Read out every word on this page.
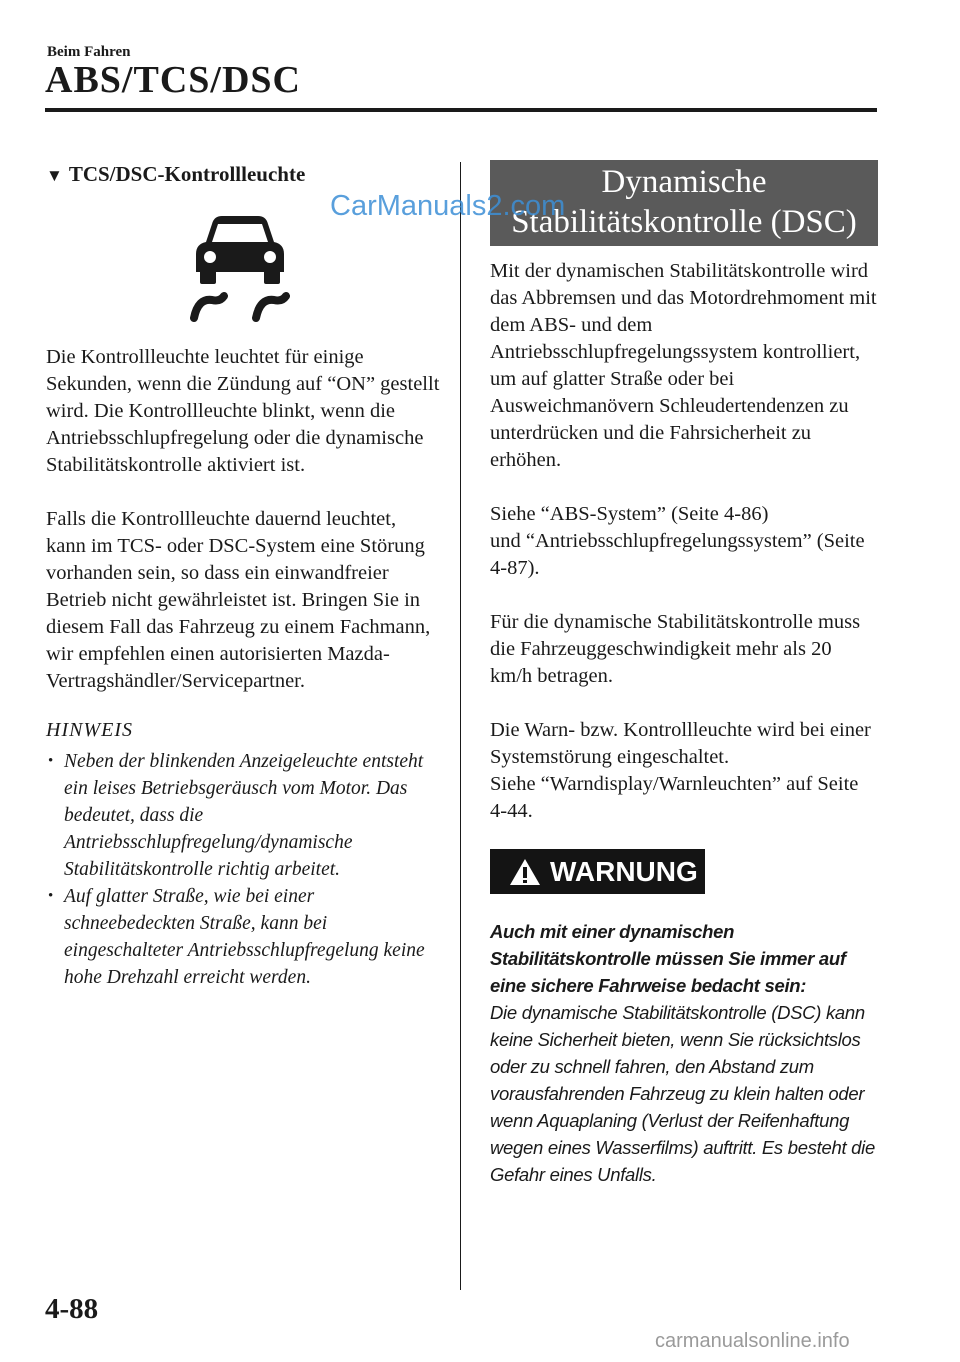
Beim Fahren
ABS/TCS/DSC
▼ TCS/DSC-Kontrollleuchte

Die Kontrollleuchte leuchtet für einige Sekunden, wenn die Zündung auf “ON” gestellt wird. Die Kontrollleuchte blinkt, wenn die Antriebsschlupfregelung oder die dynamische Stabilitätskontrolle aktiviert ist.

Falls die Kontrollleuchte dauernd leuchtet, kann im TCS- oder DSC-System eine Störung vorhanden sein, so dass ein einwandfreier Betrieb nicht gewährleistet ist. Bringen Sie in diesem Fall das Fahrzeug zu einem Fachmann, wir empfehlen einen autorisierten Mazda-Vertragshändler/Servicepartner.

HINWEIS
• Neben der blinkenden Anzeigeleuchte entsteht ein leises Betriebsgeräusch vom Motor. Das bedeutet, dass die Antriebsschlupfregelung/dynamische Stabilitätskontrolle richtig arbeitet.
• Auf glatter Straße, wie bei einer schneebedeckten Straße, kann bei eingeschalteter Antriebsschlupfregelung keine hohe Drehzahl erreicht werden.
Dynamische
Stabilitätskontrolle (DSC)

Mit der dynamischen Stabilitätskontrolle wird das Abbremsen und das Motordrehmoment mit dem ABS- und dem Antriebsschlupfregelungssystem kontrolliert, um auf glatter Straße oder bei Ausweichmanövern Schleudertendenzen zu unterdrücken und die Fahrsicherheit zu erhöhen.

Siehe “ABS-System” (Seite 4-86)
und “Antriebsschlupfregelungssystem” (Seite 4-87).

Für die dynamische Stabilitätskontrolle muss die Fahrzeuggeschwindigkeit mehr als 20 km/h betragen.

Die Warn- bzw. Kontrollleuchte wird bei einer Systemstörung eingeschaltet.
Siehe “Warndisplay/Warnleuchten” auf Seite 4-44.

WARNUNG
Auch mit einer dynamischen Stabilitätskontrolle müssen Sie immer auf eine sichere Fahrweise bedacht sein:
Die dynamische Stabilitätskontrolle (DSC) kann keine Sicherheit bieten, wenn Sie rücksichtslos oder zu schnell fahren, den Abstand zum vorausfahrenden Fahrzeug zu klein halten oder wenn Aquaplaning (Verlust der Reifenhaftung wegen eines Wasserfilms) auftritt. Es besteht die Gefahr eines Unfalls.
CarManuals2.com
4-88
carmanualsonline.info
